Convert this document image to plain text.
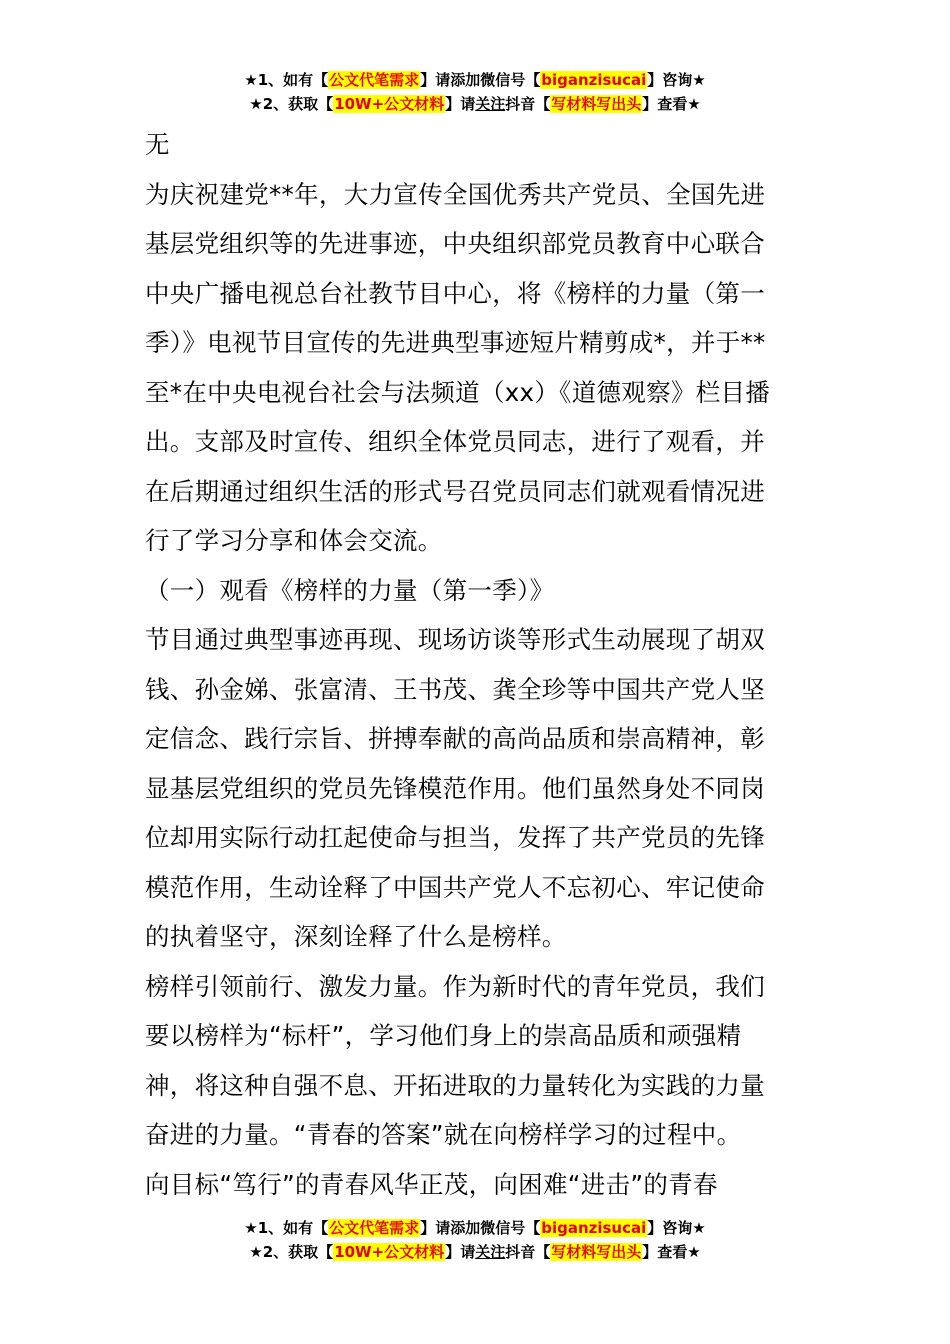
★1、如有【公文代笔需求】请添加微信号【biganzisucai】咨询★
★2、获取【10W+公文材料】请关注抖音【写材料写出头】查看★

无

为庆祝建党**年，大力宣传全国优秀共产党员、全国先进

基层党组织等的先进事迹，中央组织部党员教育中心联合

中央广播电视总台社教节目中心，将《榜样的力量（第一

季）》电视节目宣传的先进典型事迹短片精剪成*，并于**

至*在中央电视台社会与法频道（xx）《道德观察》栏目播

出。支部及时宣传、组织全体党员同志，进行了观看，并

在后期通过组织生活的形式号召党员同志们就观看情况进

行了学习分享和体会交流。

（一）观看《榜样的力量（第一季）》

节目通过典型事迹再现、现场访谈等形式生动展现了胡双

钱、孙金娣、张富清、王书茂、龚全珍等中国共产党人坚

定信念、践行宗旨、拼搏奉献的高尚品质和崇高精神，彰

显基层党组织的党员先锋模范作用。他们虽然身处不同岗

位却用实际行动扛起使命与担当，发挥了共产党员的先锋

模范作用，生动诠释了中国共产党人不忘初心、牢记使命

的执着坚守，深刻诠释了什么是榜样。

榜样引领前行、激发力量。作为新时代的青年党员，我们

要以榜样为“标杆”，学习他们身上的崇高品质和顽强精

神，将这种自强不息、开拓进取的力量转化为实践的力量

奋进的力量。“青春的答案”就在向榜样学习的过程中。

向目标“笃行”的青春风华正茂，向困难“进击”的青春

★1、如有【公文代笔需求】请添加微信号【biganzisucai】咨询★
★2、获取【10W+公文材料】请关注抖音【写材料写出头】查看★
